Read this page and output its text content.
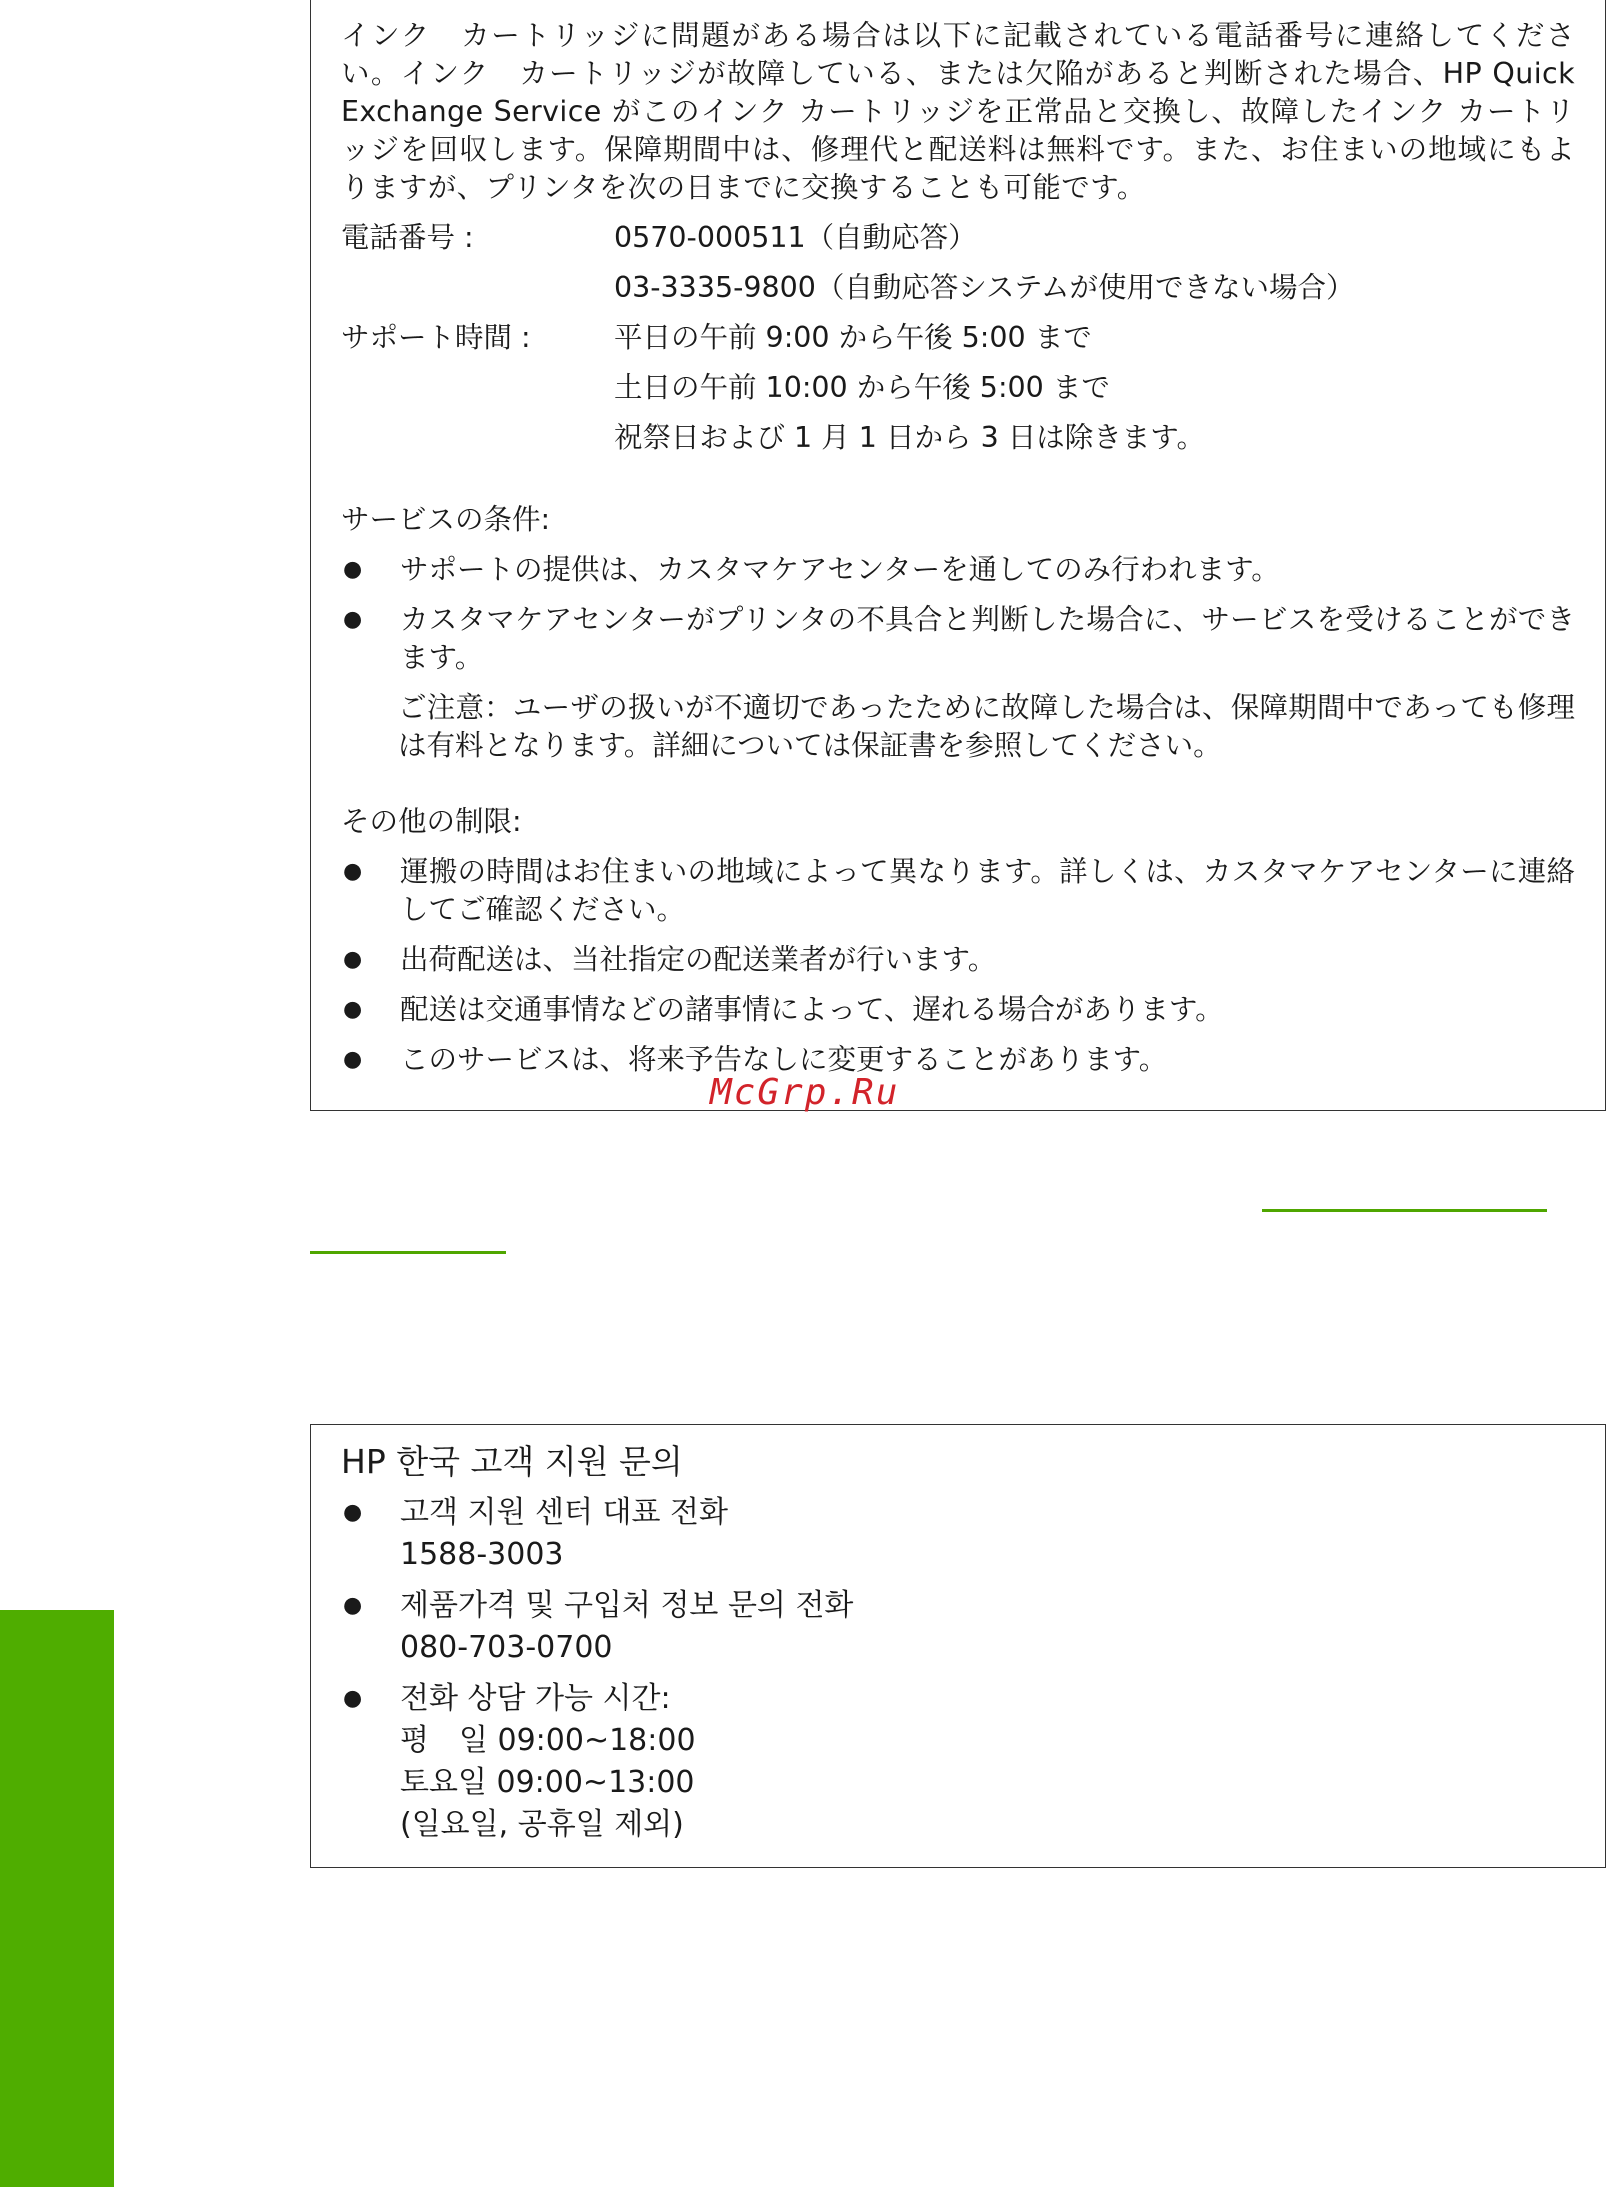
インク　カートリッジに問題がある場合は以下に記載されている電話番号に連絡してください。インク　カートリッジが故障している、または欠陥があると判断された場合、HP Quick Exchange Service がこのインク カートリッジを正常品と交換し、故障したインク カートリッジを回収します。保障期間中は、修理代と配送料は無料です。また、お住まいの地域にもよりますが、プリンタを次の日までに交換することも可能です。

電話番号 :	0570-000511（自動応答）
03-3335-9800（自動応答システムが使用できない場合）
サポート時間 :	平日の午前 9:00 から午後 5:00 まで
土日の午前 10:00 から午後 5:00 まで
祝祭日および 1 月 1 日から 3 日は除きます。

サービスの条件:

●	サポートの提供は、カスタマケアセンターを通してのみ行われます。
●	カスタマケアセンターがプリンタの不具合と判断した場合に、サービスを受けることができます。
ご注意：ユーザの扱いが不適切であったために故障した場合は、保障期間中であっても修理は有料となります。詳細については保証書を参照してください。

その他の制限:

●	運搬の時間はお住まいの地域によって異なります。詳しくは、カスタマケアセンターに連絡してご確認ください。
●	出荷配送は、当社指定の配送業者が行います。
●	配送は交通事情などの諸事情によって、遅れる場合があります。
●	このサービスは、将来予告なしに変更することがあります。
McGrp.Ru

HP 한국 고객 지원 문의

●	고객 지원 센터 대표 전화
1588-3003
●	제품가격 및 구입처 정보 문의 전화
080-703-0700
●	전화 상담 가능 시간:
평　일 09:00~18:00
토요일 09:00~13:00
(일요일, 공휴일 제외)
